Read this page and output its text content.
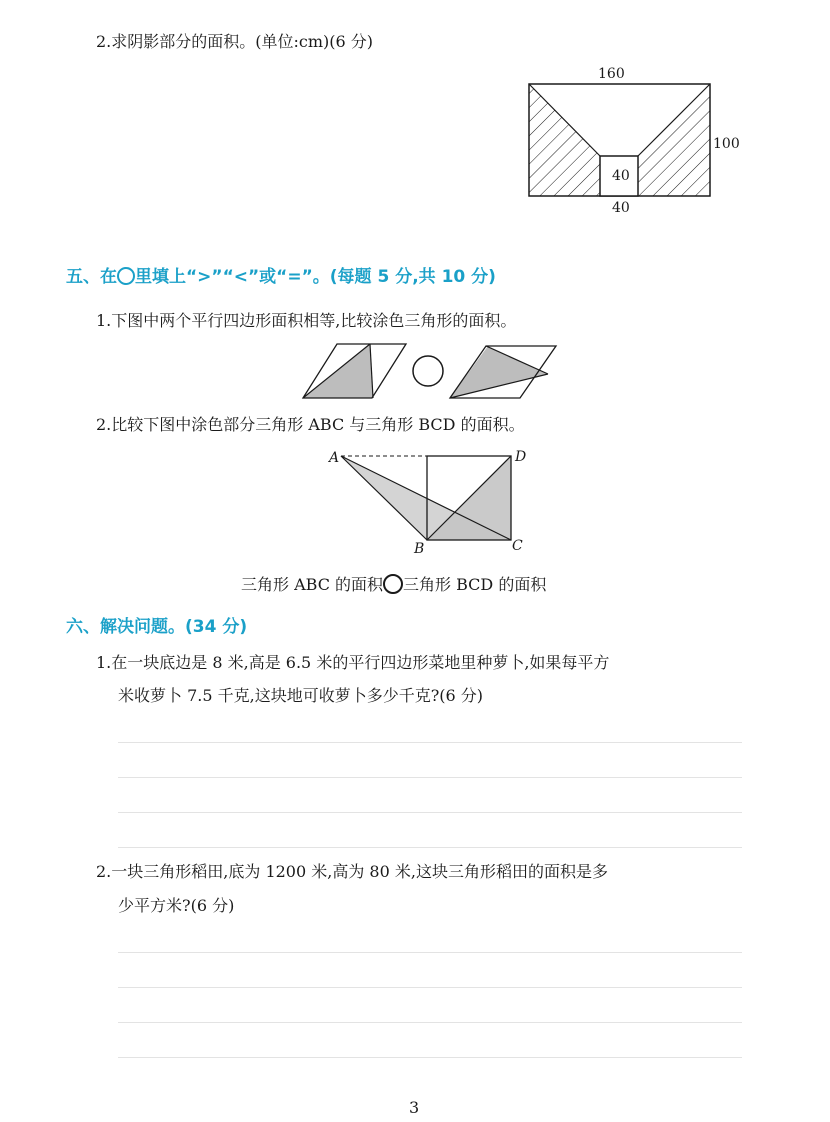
2.求阴影部分的面积。(单位:cm)(6 分)
160
100
40
40
五、在 里填上“>”“<”或“=”。(每题 5 分,共 10 分)
1.下图中两个平行四边形面积相等,比较涂色三角形的面积。
2.比较下图中涂色部分三角形 ABC 与三角形 BCD 的面积。
A	D
B	C
三角形 ABC 的面积 三角形 BCD 的面积
六、解决问题。(34 分)
1.在一块底边是 8 米,高是 6.5 米的平行四边形菜地里种萝卜,如果每平方
米收萝卜 7.5 千克,这块地可收萝卜多少千克?(6 分)
2.一块三角形稻田,底为 1200 米,高为 80 米,这块三角形稻田的面积是多
少平方米?(6 分)
3
